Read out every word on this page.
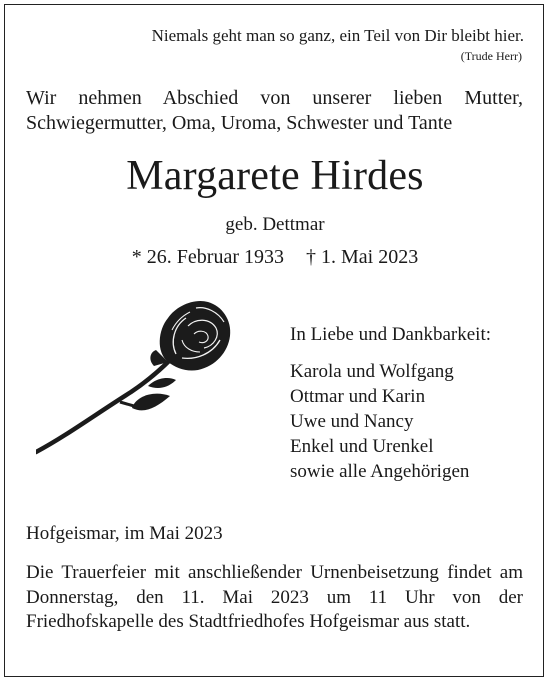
Niemals geht man so ganz, ein Teil von Dir bleibt hier.
(Trude Herr)
Wir nehmen Abschied von unserer lieben Mutter,
Schwiegermutter, Oma, Uroma, Schwester und Tante
Margarete Hirdes
geb. Dettmar
* 26. Februar 1933 † 1. Mai 2023
In Liebe und Dankbarkeit:
Karola und Wolfgang
Ottmar und Karin
Uwe und Nancy
Enkel und Urenkel
sowie alle Angehörigen
Hofgeismar, im Mai 2023
Die Trauerfeier mit anschließender Urnenbeisetzung findet am Donnerstag, den 11. Mai 2023 um 11 Uhr von der Friedhofskapelle des Stadtfriedhofes Hofgeismar aus statt.
